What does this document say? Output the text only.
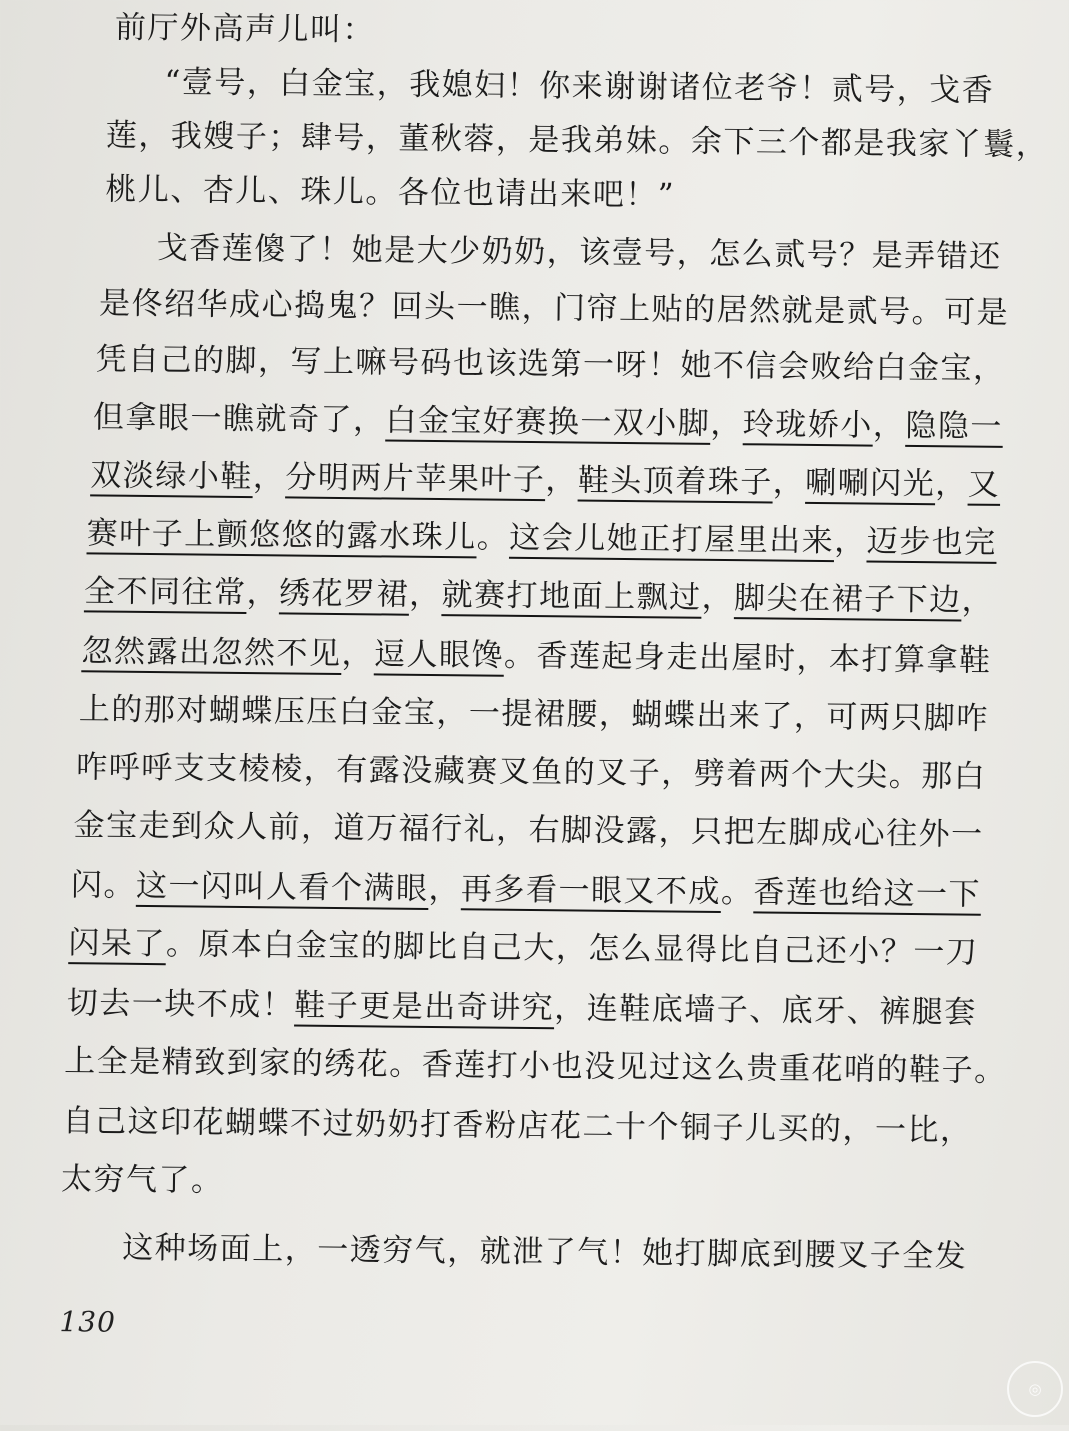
前厅外高声儿叫：
“壹号，白金宝，我媳妇！你来谢谢诸位老爷！贰号，戈香
莲，我嫂子；肆号，董秋蓉，是我弟妹。余下三个都是我家丫鬟，
桃儿、杏儿、珠儿。各位也请出来吧！”
戈香莲傻了！她是大少奶奶，该壹号，怎么贰号？是弄错还
是佟绍华成心捣鬼？回头一瞧，门帘上贴的居然就是贰号。可是
凭自己的脚，写上嘛号码也该选第一呀！她不信会败给白金宝，
但拿眼一瞧就奇了，白金宝好赛换一双小脚，玲珑娇小，隐隐一
双淡绿小鞋，分明两片苹果叶子，鞋头顶着珠子，唰唰闪光，又
赛叶子上颤悠悠的露水珠儿。这会儿她正打屋里出来，迈步也完
全不同往常，绣花罗裙，就赛打地面上飘过，脚尖在裙子下边，
忽然露出忽然不见，逗人眼馋。香莲起身走出屋时，本打算拿鞋
上的那对蝴蝶压压白金宝，一提裙腰，蝴蝶出来了，可两只脚咋
咋呼呼支支棱棱，有露没藏赛叉鱼的叉子，劈着两个大尖。那白
金宝走到众人前，道万福行礼，右脚没露，只把左脚成心往外一
闪。这一闪叫人看个满眼，再多看一眼又不成。香莲也给这一下
闪呆了。原本白金宝的脚比自己大，怎么显得比自己还小？一刀
切去一块不成！鞋子更是出奇讲究，连鞋底墙子、底牙、裤腿套
上全是精致到家的绣花。香莲打小也没见过这么贵重花哨的鞋子。
自己这印花蝴蝶不过奶奶打香粉店花二十个铜子儿买的，一比，
太穷气了。
这种场面上，一透穷气，就泄了气！她打脚底到腰叉子全发
130
◎
